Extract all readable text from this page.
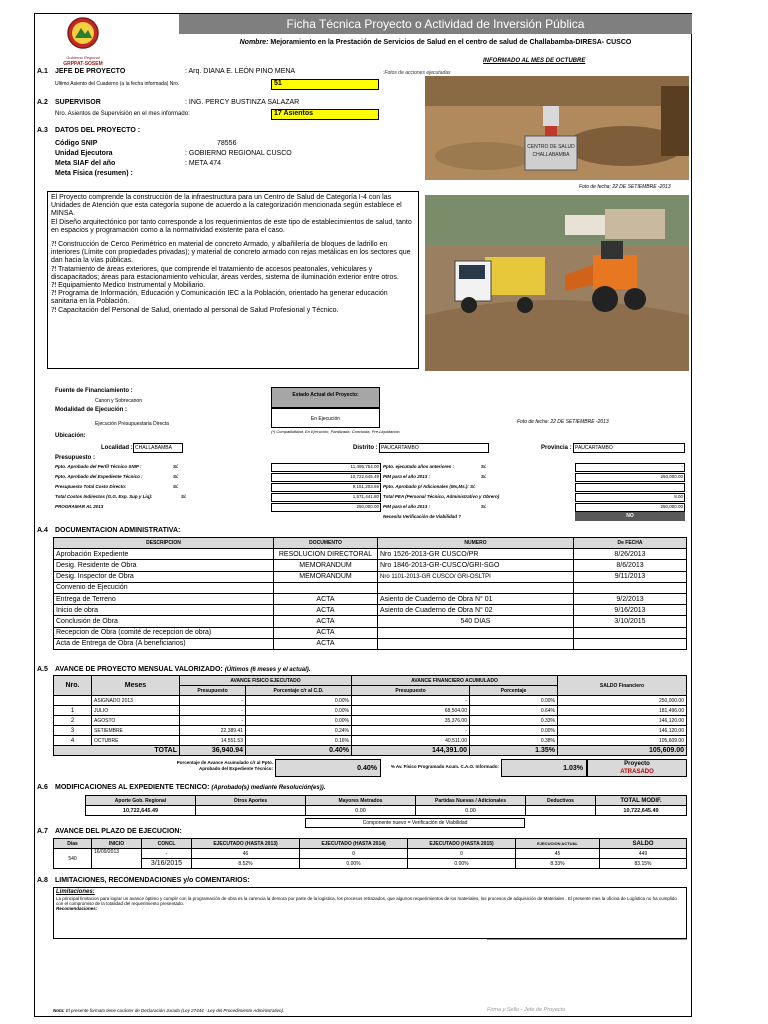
Gobierno Regional
GRPPAT-SOSEM
Ficha Técnica Proyecto o Actividad de Inversión Pública
Nombre: Mejoramiento en la Prestación de Servicios de Salud en el centro de salud de Challabamba-DIRESA- CUSCO
INFORMADO AL MES DE OCTUBRE
A.1 JEFE DE PROYECTO	: Arq. DIANA E. LEÓN PINO MENA
Ultimo Asiento del Cuaderno (a la fecha informada) Nro.	51
:Fotos de acciones ejecutadas
A.2 SUPERVISOR	: ING. PERCY BUSTINZA SALAZAR
Nro. Asientos de Supervisión en el mes informado:	17 Asientos
A.3 DATOS DEL PROYECTO :
Código SNIP	78556
Unidad Ejecutora	: GOBIERNO REGIONAL CUSCO
Meta SIAF del año	: META 474
Meta Física (resumen) :
CENTRO DE SALUD
CHALLABAMBA
Foto de fecha: 22 DE SETIEMBRE -2013
El Proyecto comprende la construcción de la infraestructura para un Centro de Salud de Categoría I-4 con las Unidades de Atención que esta categoría supone de acuerdo a la categorización mencionada según establece el MINSA.
El Diseño arquitectónico por tanto corresponde a los requerimientos de este tipo de establecimientos de salud, tanto en espacios y programación como a la normatividad existente para el caso.
⁈ Construcción de Cerco Perimétrico en material de concreto Armado, y albañilería de bloques de ladrillo en interiores (Límite con propiedades privadas); y material de concreto armado con rejas metálicas en los sectores que dan hacia la vías públicas.
⁈ Tratamiento de áreas exteriores, que comprende el tratamiento de accesos peatonales, vehiculares y discapacitados; áreas para estacionamiento vehicular, áreas verdes, sistema de iluminación exterior entre otros.
⁈ Equipamiento Medico Instrumental y Mobiliario.
⁈ Programa de Información, Educación y Comunicación IEC a la Población, orientado ha generar educación sanitaria en la Población.
⁈ Capacitación del Personal de Salud, orientado al personal de Salud Profesional y Técnico.
Fuente de Financiamiento :
Canon y Sobrecanon
Modalidad de Ejecución :
Ejecución Presupuestaria Directa
Ubicación:
Estado Actual del Proyecto:
En Ejecución
(*) Compatibilidad, En Ejecución, Paralizada, Concluida, Pre-Liquidación.
Foto de fecha: 22 DE SETIEMBRE -2013
Localidad : CHALLABAMBA	Distrito : PAUCARTAMBO	Provincia : PAUCARTAMBO
Presupuesto :
Ppto. Aprobado del Perfil Técnico SNIP :	S/.	11,495,754.00
Ppto. Aprobado del Expediente Técnico :	S/.	10,722,645.49
Presupuesto Total Costo Directo:	S/.	9,151,203.69
Total Costos Indirectos (G.G. Exp. Sup y Liq):	S/.	1,571,441.80
PROGRAMAR AL 2013	250,000.00
Ppto. ejecutado años anteriores :	S/.	-
PIM para el año 2013 :	S/.	250,000.00
Ppto. Aprobado p/ Adicionales (Ms,Ms.): S/.
Total PEA (Personal Técnico, Administrativo y Obrero)	8.00
PIM para el año 2013 :	S/.	250,000.00
Necesita Verificación de Viabilidad ?	NO
A.4 DOCUMENTACION ADMINISTRATIVA:
DESCRIPCION	DOCUMENTO	NUMERO	De FECHA
Aprobación Expediente	RESOLUCION DIRECTORAL	Nro 1526-2013-GR CUSCO/PR	8/26/2013
Desig. Residente de Obra	MEMORANDUM	Nro 1846-2013-GR-CUSCO/GRI-SGO	8/6/2013
Desig. Inspector de Obra	MEMORANDUM	Nro 1101-2013-GR CUSCO/ GRI-OSLTPI	9/11/2013
Convenio de Ejecución			
Entrega de Terreno	ACTA	Asiento de Cuaderno de Obra N° 01	9/2/2013
Inicio de obra	ACTA	Asiento de Cuaderno de Obra N° 02	9/16/2013
Conclusión de Obra	ACTA	540 DIAS	3/10/2015
Recepcion de Obra (comité de recepcion de obra)	ACTA		
Acta de Entrega de Obra (A beneficiarios)	ACTA		
A.5 AVANCE DE PROYECTO MENSUAL VALORIZADO: (Últimos (6 meses y el actual).
Nro.	Meses	AVANCE FISICO EJECUTADO		AVANCE FINANCIERO ACUMULADO		SALDO Financiero
		Presupuesto	Porcentaje c/r al C.D.	Presupuesto	Porcentaje	
	ASIGNADO 2013	-	0.00%	-	0.00%	250,000.00
1	JULIO	-	0.00%	68,504.00	0.64%	181,496.00
2	AGOSTO	-	0.00%	35,376.00	0.33%	146,120.00
3	SETIEMBRE	22,389.41	0.24%	-	0.00%	146,120.00
4	OCTUBRE	14,551.53	0.16%	40,511.00	0.38%	105,609.00
TOTAL		36,940.94	0.40%	144,391.00	1.35%	105,609.00
Porcentaje de Avance Acumulado c/r al Ppto. Aprobado del Expediente Técnico:	0.40%	% Av. Físico Programado Acum. C.A.O. Informado:	1.03%
Proyecto
ATRASADO
A.6 MODIFICACIONES AL EXPEDIENTE TECNICO: (Aprobado(s) mediante Resolución(es)).
Aporte Gob. Regional	Otros Aportes	Mayores Metrados	Partidas Nuevas / Adicionales	Deductivos	TOTAL MODIF.
10,722,645.49		0.00	0.00		10,722,645.49
Componente nuevo = Verificación de Viabilidad
A.7 AVANCE DEL PLAZO DE EJECUCION:
Días	INICIO	CONCL	EJECUTADO (HASTA 2013)	EJECUTADO (HASTA 2014)	EJECUTADO (HASTA 2015)	EJECUCION ACTUAL	SALDO
540	16/09/2013	-	46	0	0	45	449
		3/16/2015	8.52%	0.00%	0.00%	8.33%	83.15%
A.8 LIMITACIONES, RECOMENDACIONES y/o COMENTARIOS:
Limitaciones:
La principal limitacion para lograr un avance óptimo y cumplir con la programación de obra es la carencia la demora por parte de la logistica, los procesos retrazados, que algunos requerimientos de los materiales, los procesos de adquisición de Materiales . El presente mes la oficina de Logística no ha cumplido con el compromiso de la totalidad del requerimiento presentado.
Recomendaciones:
Nota: El presente formato tiene carácter de Declaración Jurada (Ley 27444 - Ley del Procedimiento Administrativo).	Firma y Sello - Jefe de Proyecto
